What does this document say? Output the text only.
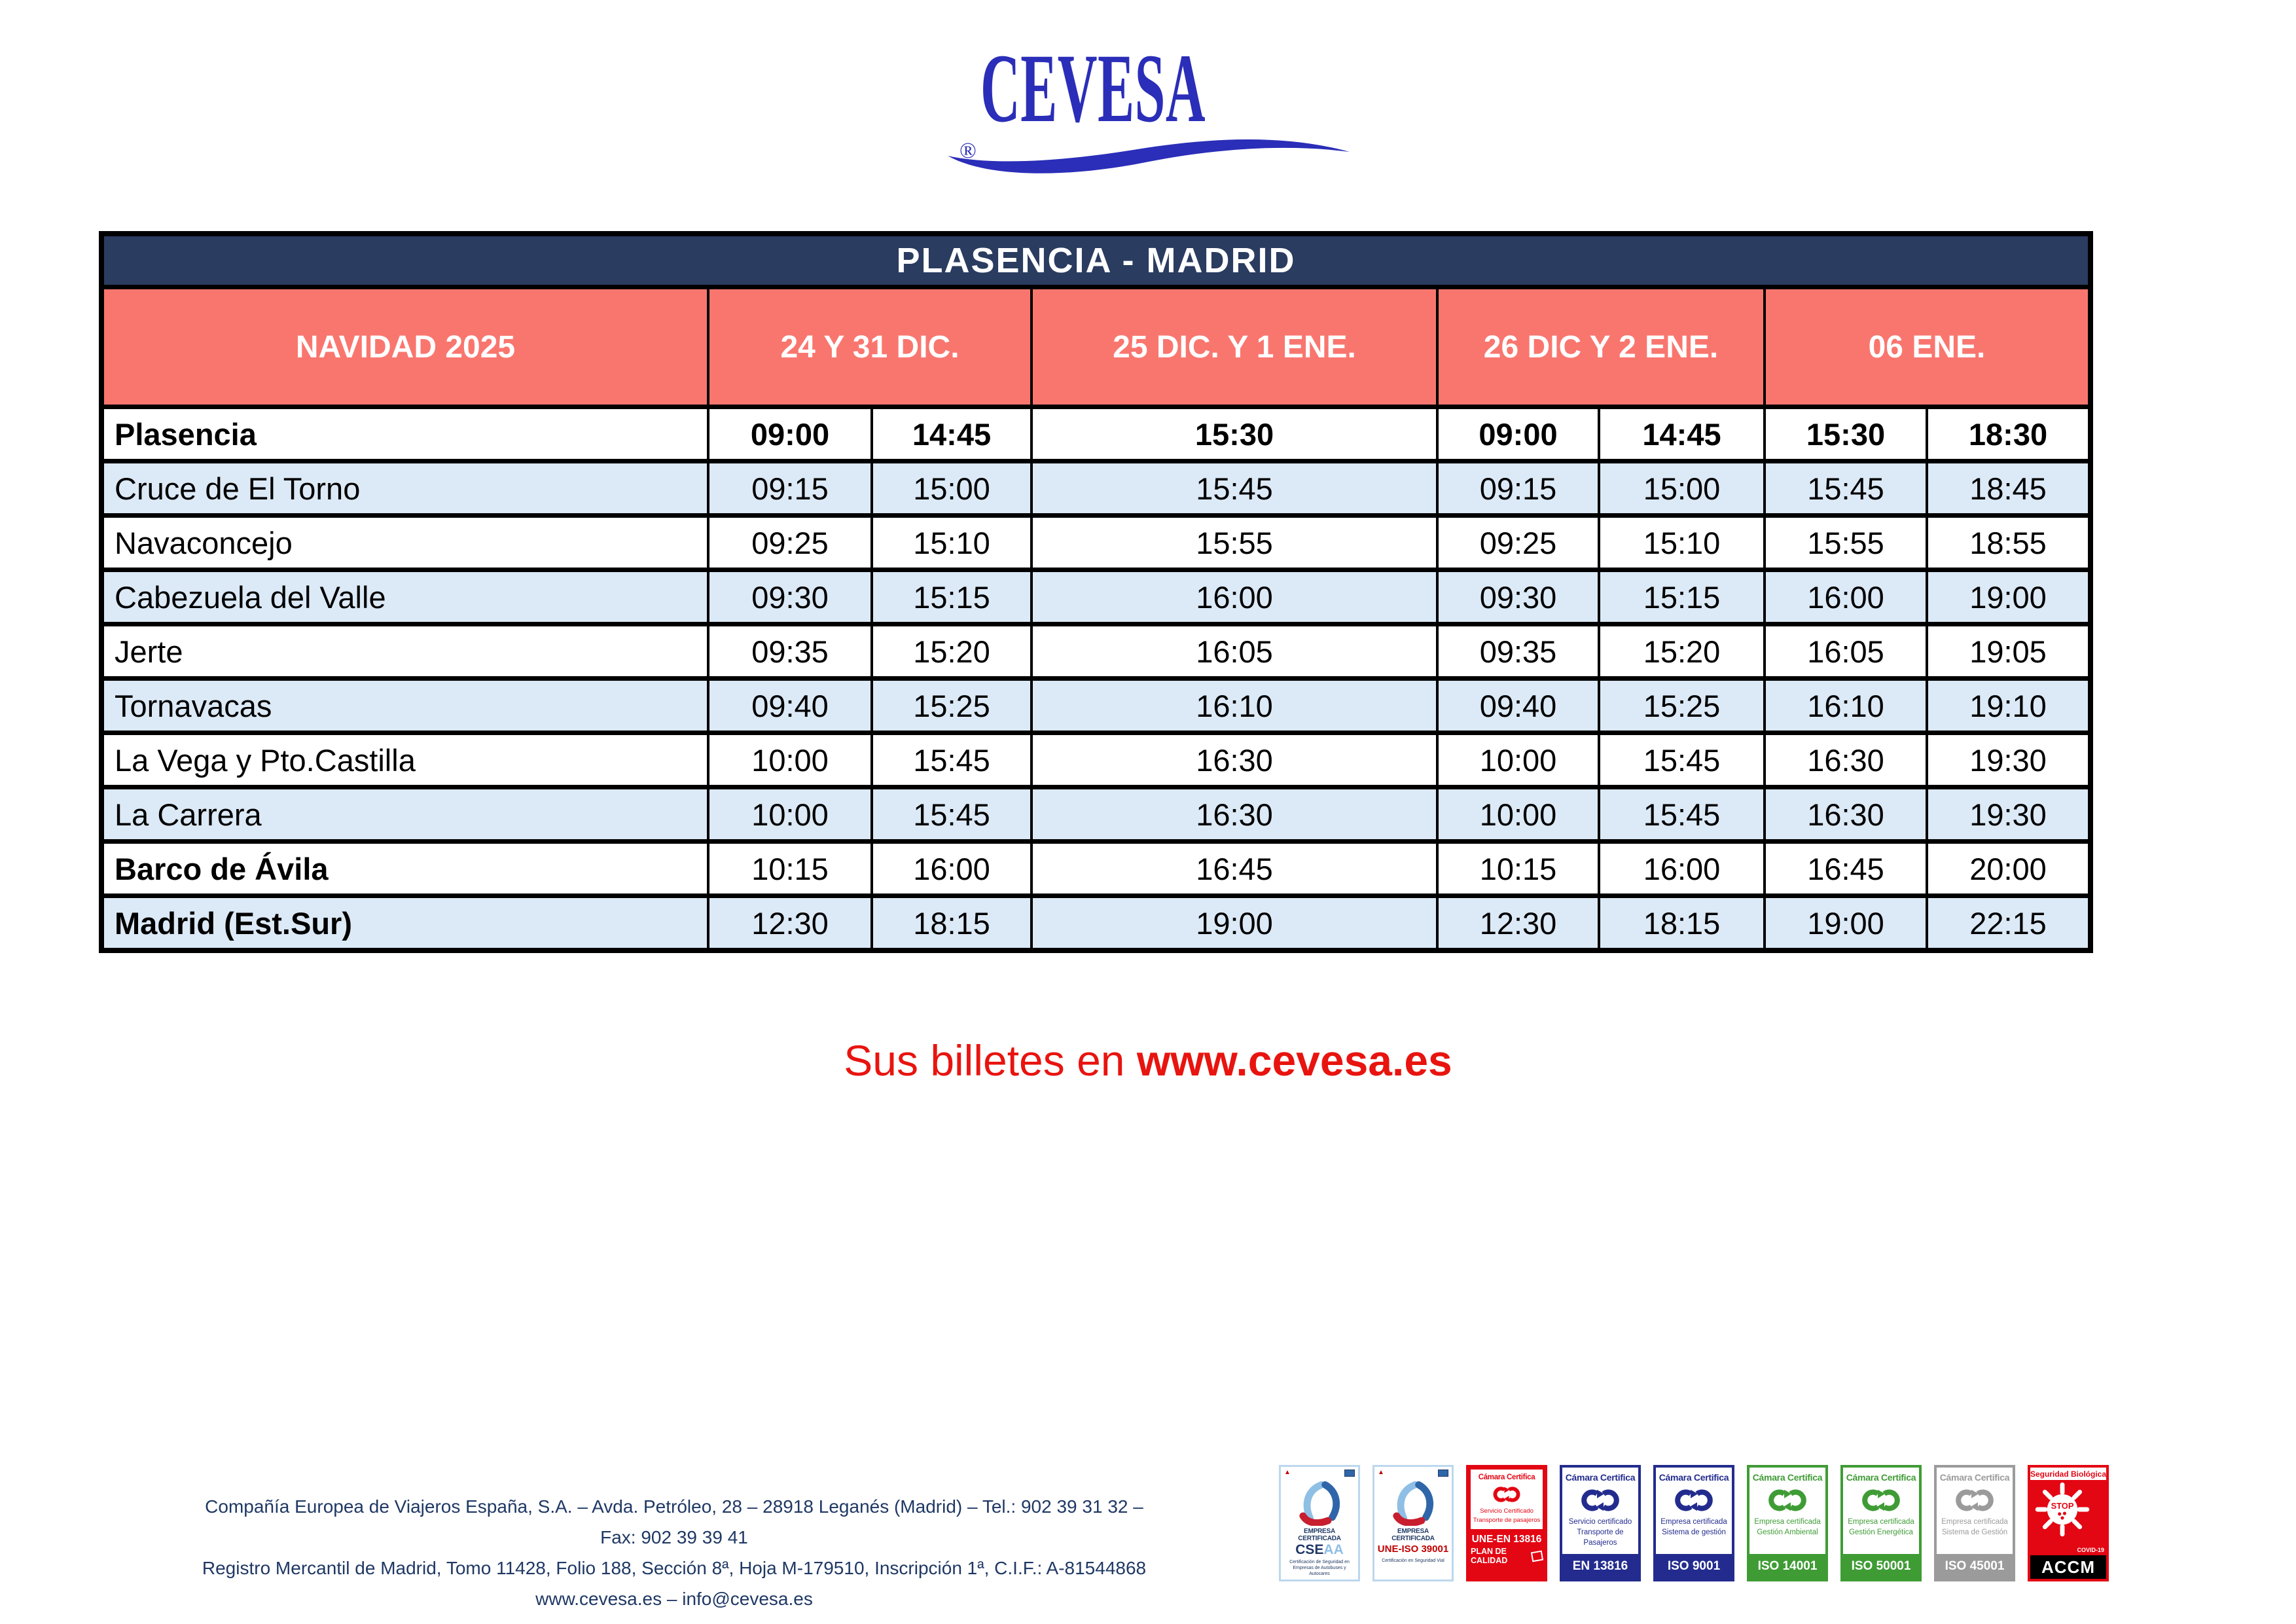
CEVESA
®
PLASENCIA - MADRID							
NAVIDAD 2025	24 Y 31 DIC.		25 DIC. Y 1 ENE.	26 DIC Y 2 ENE.		06 ENE.	
Plasencia	09:00	14:45	15:30	09:00	14:45	15:30	18:30
Cruce de El Torno	09:15	15:00	15:45	09:15	15:00	15:45	18:45
Navaconcejo	09:25	15:10	15:55	09:25	15:10	15:55	18:55
Cabezuela del Valle	09:30	15:15	16:00	09:30	15:15	16:00	19:00
Jerte	09:35	15:20	16:05	09:35	15:20	16:05	19:05
Tornavacas	09:40	15:25	16:10	09:40	15:25	16:10	19:10
La Vega y Pto.Castilla	10:00	15:45	16:30	10:00	15:45	16:30	19:30
La Carrera	10:00	15:45	16:30	10:00	15:45	16:30	19:30
Barco de Ávila	10:15	16:00	16:45	10:15	16:00	16:45	20:00
Madrid (Est.Sur)	12:30	18:15	19:00	12:30	18:15	19:00	22:15
Sus billetes en www.cevesa.es
Compañía Europea de Viajeros España, S.A. – Avda. Petróleo, 28 – 28918 Leganés (Madrid) – Tel.: 902 39 31 32 – Fax: 902 39 39 41
Registro Mercantil de Madrid, Tomo 11428, Folio 188, Sección 8ª, Hoja M-179510, Inscripción 1ª, C.I.F.: A-81544868
www.cevesa.es – info@cevesa.es
▲
EMPRESA CERTIFICADA
CSEAA
Certificación de Seguridad en Empresas de Autobuses y Autocares
▲
EMPRESA CERTIFICADA
UNE-ISO 39001
Certificación en Seguridad Vial
Cámara Certifica
Servicio Certificado
Transporte de pasajeros
UNE-EN 13816
PLAN DE CALIDAD
Cámara Certifica
Servicio certificado
Transporte de Pasajeros
EN 13816
Cámara Certifica
Empresa certificada
Sistema de gestión
ISO 9001
Cámara Certifica
Empresa certificada
Gestión Ambiental
ISO 14001
Cámara Certifica
Empresa certificada
Gestión Energética
ISO 50001
Cámara Certifica
Empresa certificada
Sistema de Gestión
ISO 45001
Seguridad Biológica
STOP
COVID-19
ACCM
